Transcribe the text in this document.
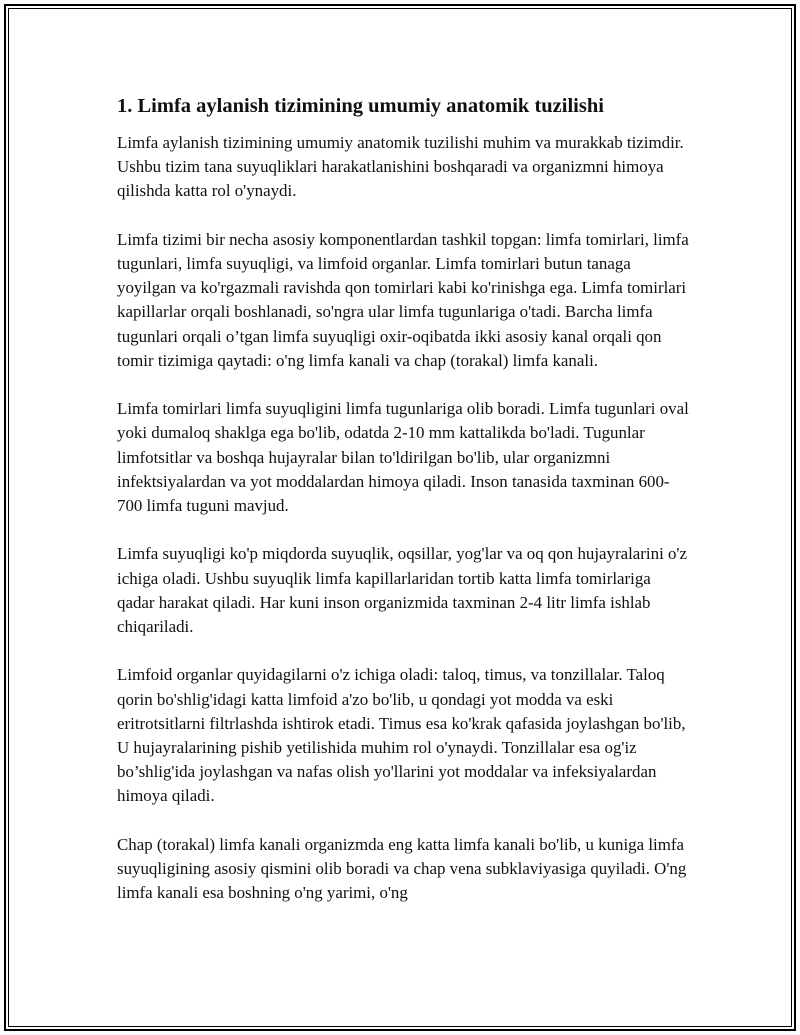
1. Limfa aylanish tizimining umumiy anatomik tuzilishi

Limfa aylanish tizimining umumiy anatomik tuzilishi muhim va murakkab tizimdir. Ushbu tizim tana suyuqliklari harakatlanishini boshqaradi va organizmni himoya qilishda katta rol o'ynaydi.

Limfa tizimi bir necha asosiy komponentlardan tashkil topgan: limfa tomirlari, limfa tugunlari, limfa suyuqligi, va limfoid organlar. Limfa tomirlari butun tanaga yoyilgan va ko'rgazmali ravishda qon tomirlari kabi ko'rinishga ega. Limfa tomirlari kapillarlar orqali boshlanadi, so'ngra ular limfa tugunlariga o'tadi. Barcha limfa tugunlari orqali o’tgan limfa suyuqligi oxir-oqibatda ikki asosiy kanal orqali qon tomir tizimiga qaytadi: o'ng limfa kanali va chap (torakal) limfa kanali.

Limfa tomirlari limfa suyuqligini limfa tugunlariga olib boradi. Limfa tugunlari oval yoki dumaloq shaklga ega bo'lib, odatda 2-10 mm kattalikda bo'ladi. Tugunlar limfotsitlar va boshqa hujayralar bilan to'ldirilgan bo'lib, ular organizmni infektsiyalardan va yot moddalardan himoya qiladi. Inson tanasida taxminan 600-700 limfa tuguni mavjud.

Limfa suyuqligi ko'p miqdorda suyuqlik, oqsillar, yog'lar va oq qon hujayralarini o'z ichiga oladi. Ushbu suyuqlik limfa kapillarlaridan tortib katta limfa tomirlariga qadar harakat qiladi. Har kuni inson organizmida taxminan 2-4 litr limfa ishlab chiqariladi.

Limfoid organlar quyidagilarni o'z ichiga oladi: taloq, timus, va tonzillalar. Taloq qorin bo'shlig'idagi katta limfoid a'zo bo'lib, u qondagi yot modda va eski eritrotsitlarni filtrlashda ishtirok etadi. Timus esa ko'krak qafasida joylashgan bo'lib, U hujayralarining pishib yetilishida muhim rol o'ynaydi. Tonzillalar esa og'iz bo’shlig'ida joylashgan va nafas olish yo'llarini yot moddalar va infeksiyalardan himoya qiladi.

Chap (torakal) limfa kanali organizmda eng katta limfa kanali bo'lib, u kuniga limfa suyuqligining asosiy qismini olib boradi va chap vena subklaviyasiga quyiladi. O'ng limfa kanali esa boshning o'ng yarimi, o'ng
